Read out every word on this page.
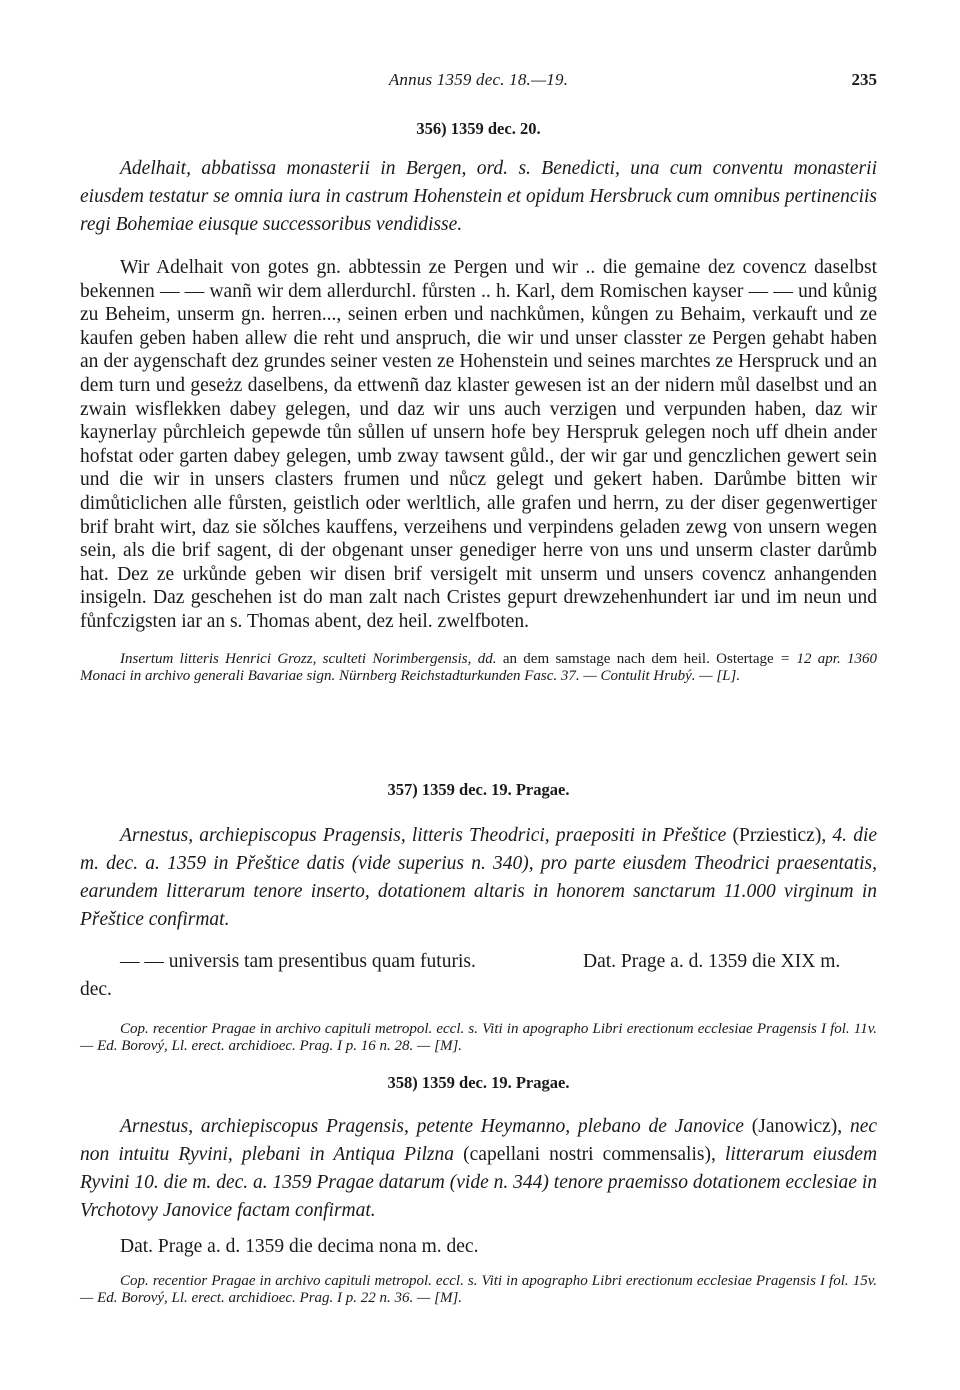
Annus 1359 dec. 18.—19.	235
356) 1359 dec. 20.

Adelhait, abbatissa monasterii in Bergen, ord. s. Benedicti, una cum conventu monasterii eiusdem testatur se omnia iura in castrum Hohenstein et opidum Hersbruck cum omnibus pertinenciis regi Bohemiae eiusque successoribus vendidisse.

Wir Adelhait von gotes gn. abbtessin ze Pergen und wir .. die gemaine dez covencz daselbst bekennen — — wanñ wir dem allerdurchl. fůrsten .. h. Karl, dem Romischen kayser — — und kůnig zu Beheim, unserm gn. herren..., seinen erben und nachkůmen, kůngen zu Behaim, verkauft und ze kaufen geben haben allew die reht und anspruch, die wir und unser classter ze Pergen gehabt haben an der aygenschaft dez grundes seiner vesten ze Hohenstein und seines marchtes ze Herspruck und an dem turn und geseżz daselbens, da ettwenñ daz klaster gewesen ist an der nidern můl daselbst und an zwain wisflekken dabey gelegen, und daz wir uns auch verzigen und verpunden haben, daz wir kaynerlay půrchleich gepewde tůn sůllen uf unsern hofe bey Herspruk gelegen noch uff dhein ander hofstat oder garten dabey gelegen, umb zway tawsent gůld., der wir gar und genczlichen gewert sein und die wir in unsers clasters frumen und nůcz gelegt und gekert haben. Darůmbe bitten wir dimůticlichen alle fůrsten, geistlich oder werltlich, alle grafen und herrn, zu der diser gegenwertiger brif braht wirt, daz sie sǒlches kauffens, verzeihens und verpindens geladen zewg von unsern wegen sein, als die brif sagent, di der obgenant unser genediger herre von uns und unserm claster darůmb hat. Dez ze urkůnde geben wir disen brif versigelt mit unserm und unsers covencz anhangenden insigeln. Daz geschehen ist do man zalt nach Cristes gepurt drewzehenhundert iar und im neun und fůnfczigsten iar an s. Thomas abent, dez heil. zwelfboten.

Insertum litteris Henrici Grozz, sculteti Norimbergensis, dd. an dem samstage nach dem heil. Ostertage = 12 apr. 1360 Monaci in archivo generali Bavariae sign. Nürnberg Reichstadturkunden Fasc. 37. — Contulit Hrubý. — [L].

357) 1359 dec. 19. Pragae.

Arnestus, archiepiscopus Pragensis, litteris Theodrici, praepositi in Přeštice (Prziesticz), 4. die m. dec. a. 1359 in Přeštice datis (vide superius n. 340), pro parte eiusdem Theodrici praesentatis, earundem litterarum tenore inserto, dotationem altaris in honorem sanctarum 11.000 virginum in Přeštice confirmat.

— — universis tam presentibus quam futuris.	Dat. Prage a. d. 1359 die XIX m.

dec.

Cop. recentior Pragae in archivo capituli metropol. eccl. s. Viti in apographo Libri erectionum ecclesiae Pragensis I fol. 11v. — Ed. Borový, Ll. erect. archidioec. Prag. I p. 16 n. 28. — [M].

358) 1359 dec. 19. Pragae.

Arnestus, archiepiscopus Pragensis, petente Heymanno, plebano de Janovice (Janowicz), nec non intuitu Ryvini, plebani in Antiqua Pilzna (capellani nostri commensalis), litterarum eiusdem Ryvini 10. die m. dec. a. 1359 Pragae datarum (vide n. 344) tenore praemisso dotationem ecclesiae in Vrchotovy Janovice factam confirmat.

Dat. Prage a. d. 1359 die decima nona m. dec.

Cop. recentior Pragae in archivo capituli metropol. eccl. s. Viti in apographo Libri erectionum ecclesiae Pragensis I fol. 15v. — Ed. Borový, Ll. erect. archidioec. Prag. I p. 22 n. 36. — [M].
